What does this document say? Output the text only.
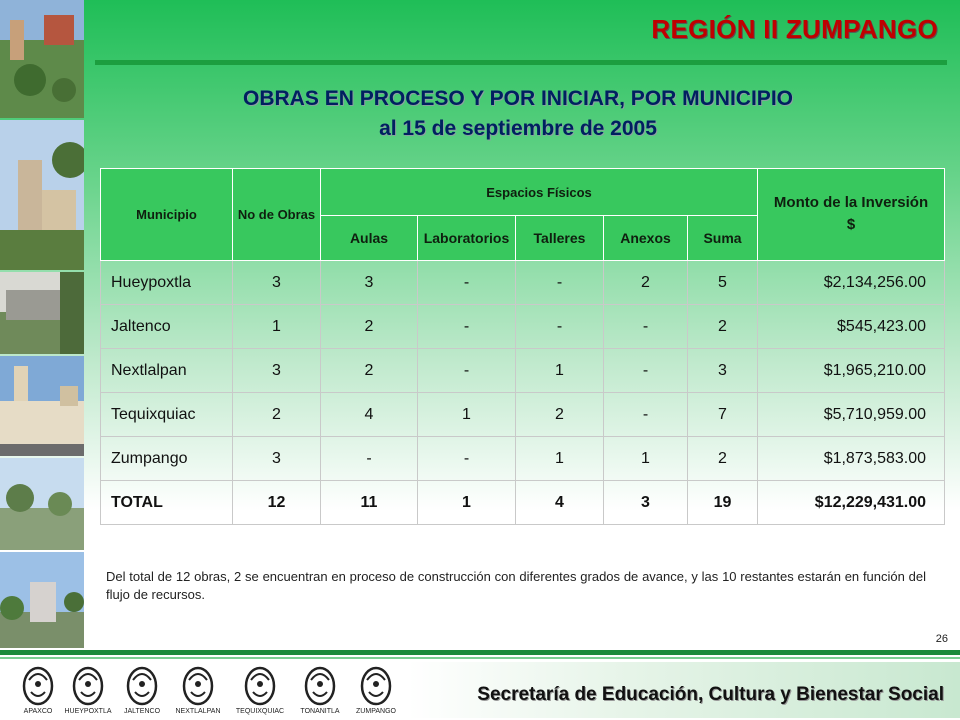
REGIÓN II ZUMPANGO
OBRAS EN PROCESO Y POR INICIAR, POR MUNICIPIO
al 15 de septiembre de 2005
Municipio	No de Obras	Espacios Físicos					Monto de la Inversión
$

		Aulas	Laboratorios	Talleres	Anexos	Suma	
Hueypoxtla	3	3	-	-	2	5	$2,134,256.00
Jaltenco	1	2	-	-	-	2	$545,423.00
Nextlalpan	3	2	-	1	-	3	$1,965,210.00
Tequixquiac	2	4	1	2	-	7	$5,710,959.00
Zumpango	3	-	-	1	1	2	$1,873,583.00
TOTAL	12	11	1	4	3	19	$12,229,431.00
Del total de 12 obras, 2 se encuentran en proceso de construcción con diferentes grados de avance, y las 10 restantes estarán en función del flujo de recursos.
26
Secretaría de Educación, Cultura y Bienestar Social
APAXCO	HUEYPOXTLA	JALTENCO	NEXTLALPAN	TEQUIXQUIAC	TONANITLA	ZUMPANGO
